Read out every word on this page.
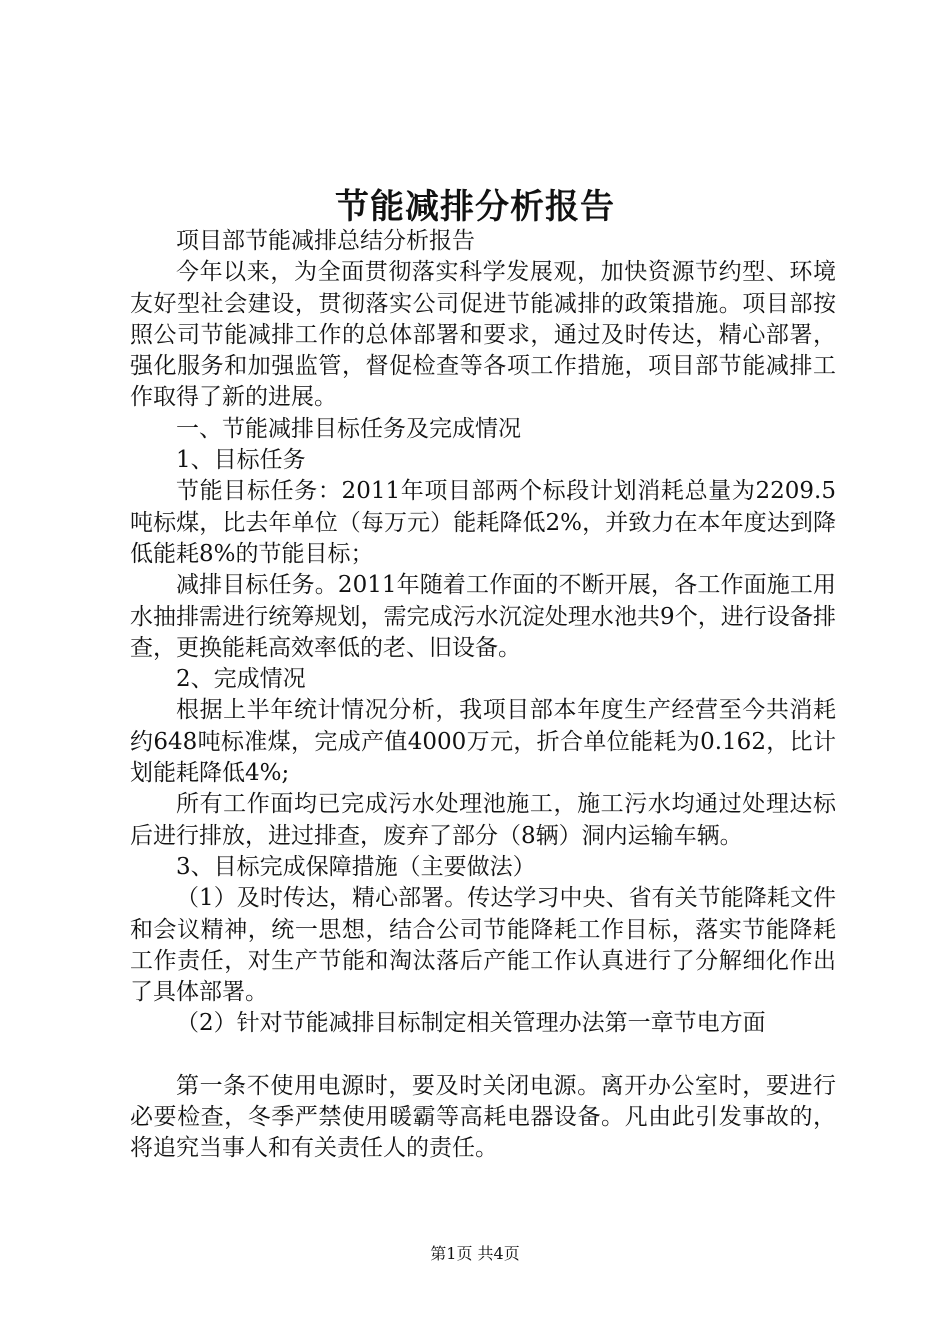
节能减排分析报告

项目部节能减排总结分析报告

今年以来，为全面贯彻落实科学发展观，加快资源节约型、环境友好型社会建设，贯彻落实公司促进节能减排的政策措施。项目部按照公司节能减排工作的总体部署和要求，通过及时传达，精心部署，强化服务和加强监管，督促检查等各项工作措施，项目部节能减排工作取得了新的进展。

一、节能减排目标任务及完成情况

1、目标任务

节能目标任务：2011年项目部两个标段计划消耗总量为2209.5吨标煤，比去年单位（每万元）能耗降低2%，并致力在本年度达到降低能耗8%的节能目标；

减排目标任务。2011年随着工作面的不断开展，各工作面施工用水抽排需进行统筹规划，需完成污水沉淀处理水池共9个，进行设备排查，更换能耗高效率低的老、旧设备。

2、完成情况

根据上半年统计情况分析，我项目部本年度生产经营至今共消耗约648吨标准煤，完成产值4000万元，折合单位能耗为0.162，比计划能耗降低4%;

所有工作面均已完成污水处理池施工，施工污水均通过处理达标后进行排放，进过排查，废弃了部分（8辆）洞内运输车辆。

3、目标完成保障措施（主要做法）

（1）及时传达，精心部署。传达学习中央、省有关节能降耗文件和会议精神，统一思想，结合公司节能降耗工作目标，落实节能降耗工作责任，对生产节能和淘汰落后产能工作认真进行了分解细化作出了具体部署。

（2）针对节能减排目标制定相关管理办法第一章节电方面

第一条不使用电源时，要及时关闭电源。离开办公室时，要进行必要检查，冬季严禁使用暖霸等高耗电器设备。凡由此引发事故的，将追究当事人和有关责任人的责任。

第1页 共4页
